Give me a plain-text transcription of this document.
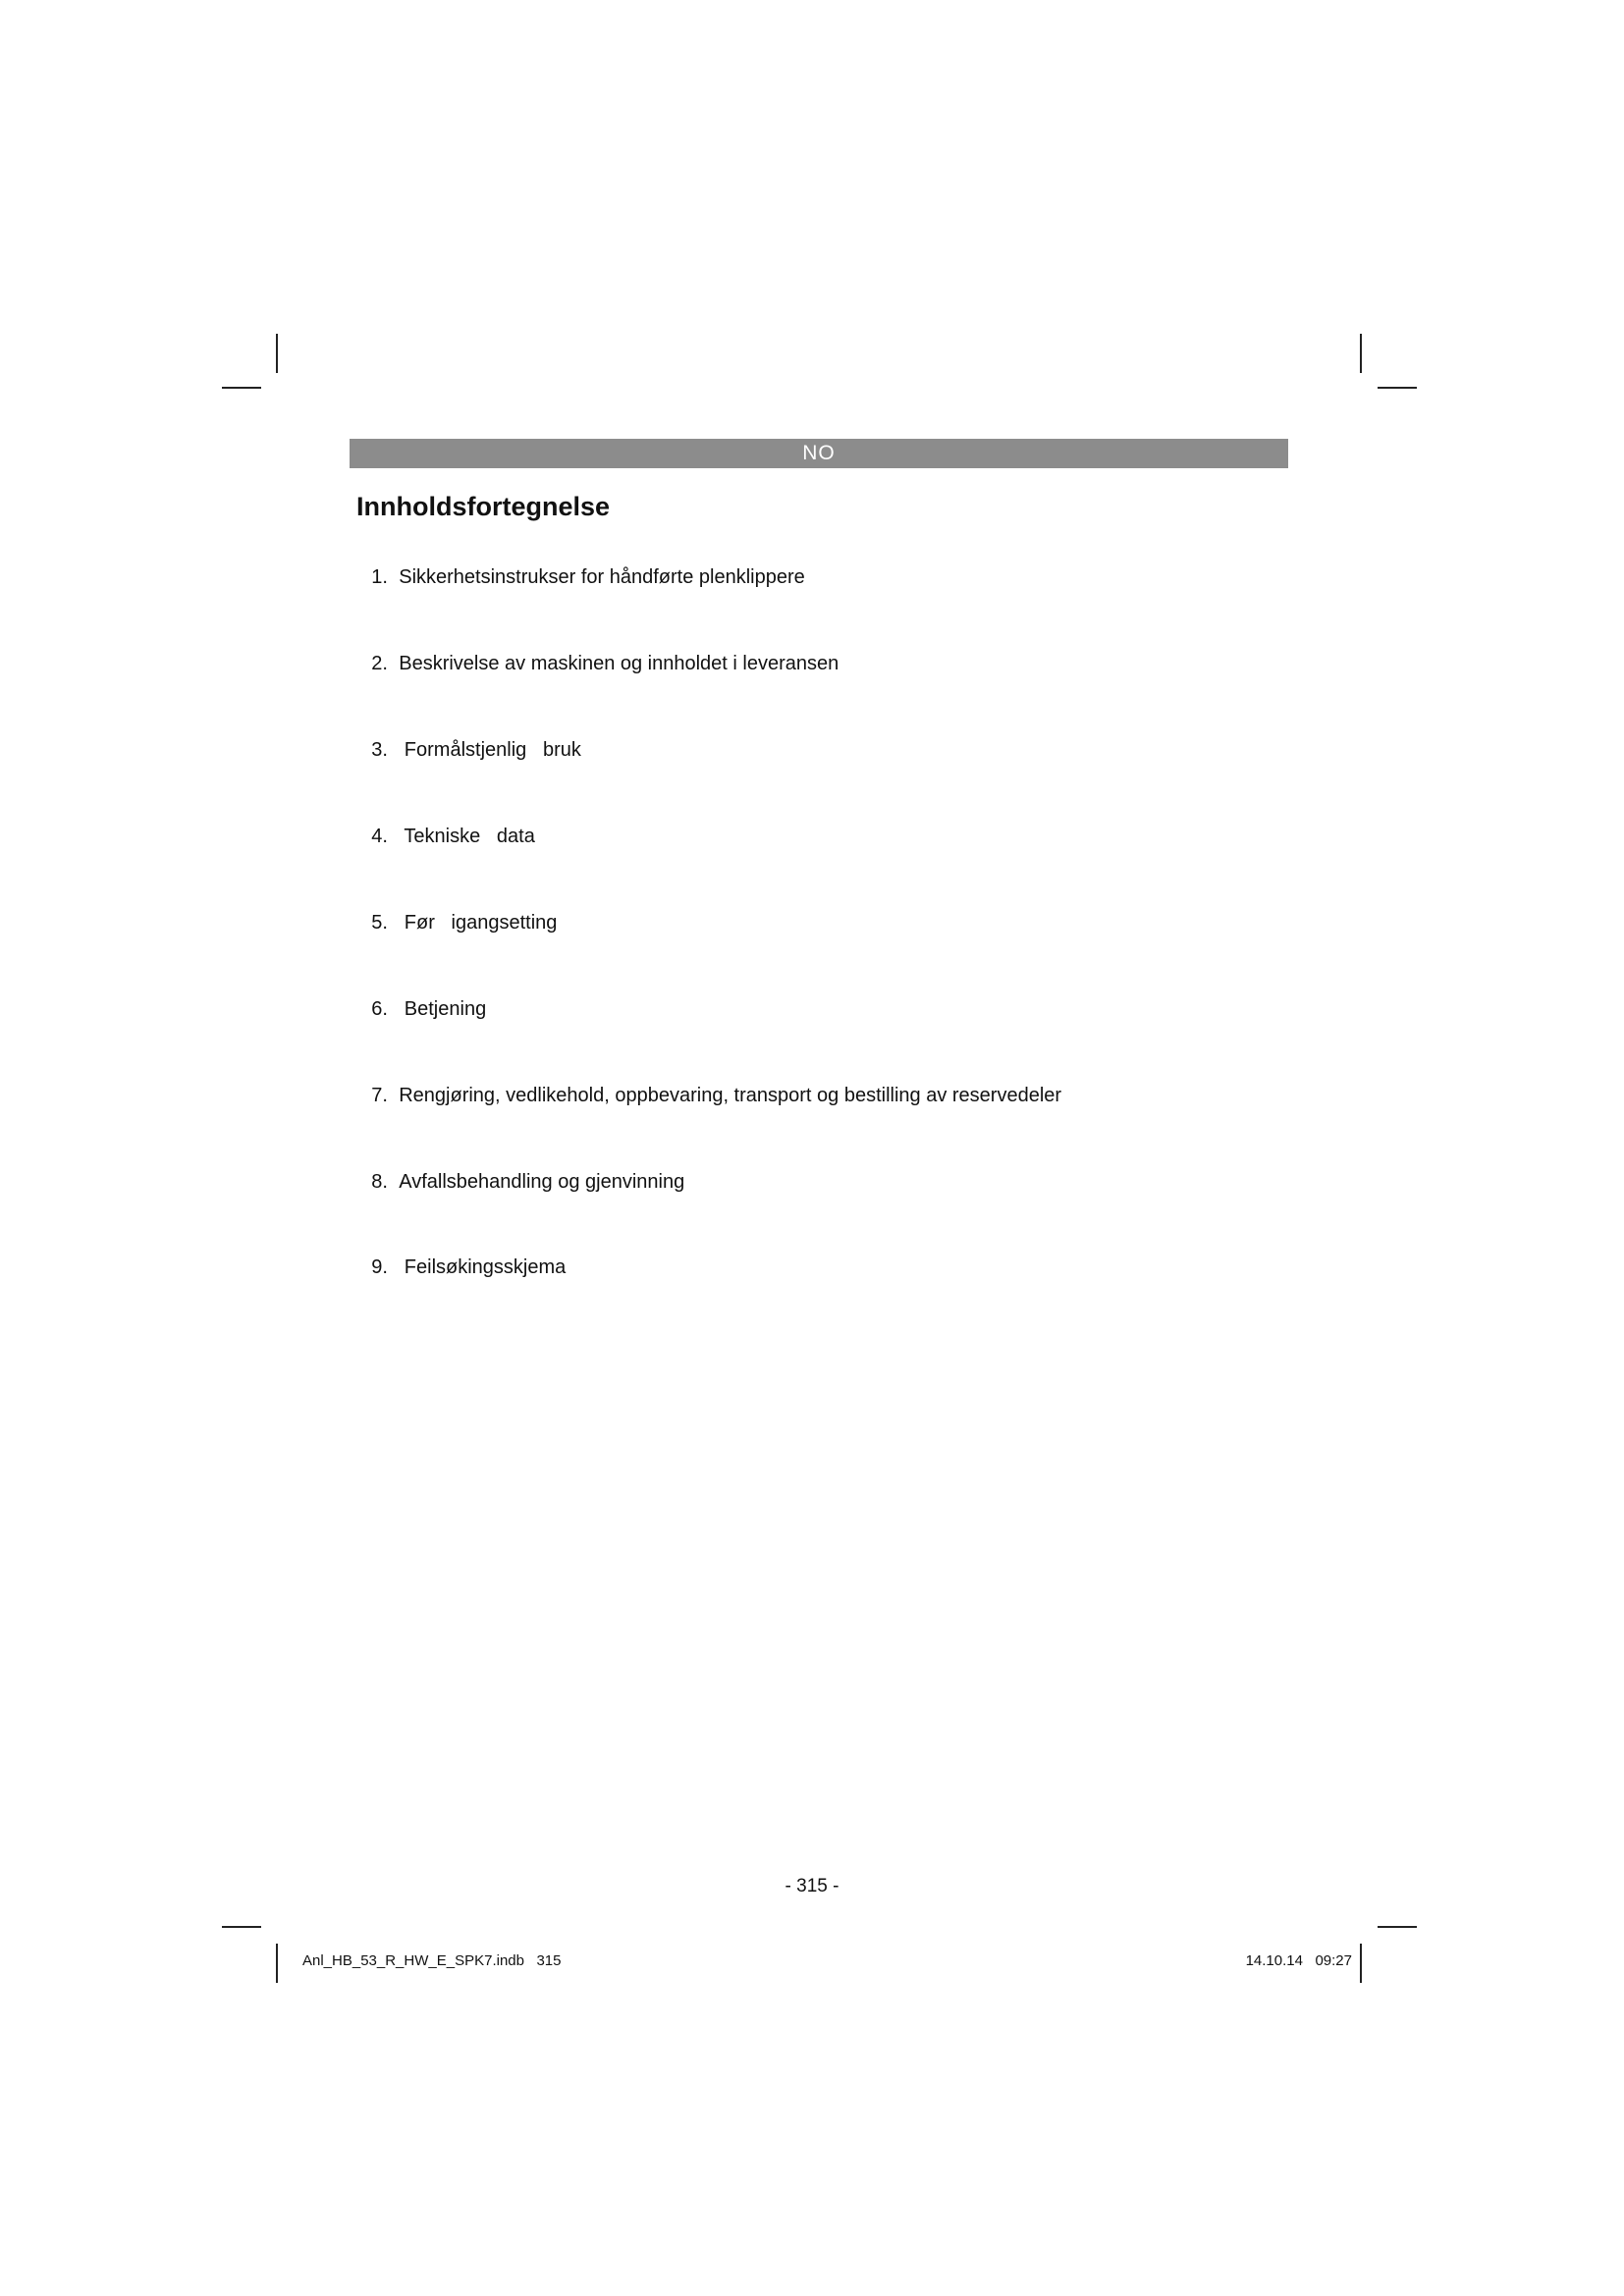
NO
Innholdsfortegnelse

1. Sikkerhetsinstrukser for håndførte plenklippere

2. Beskrivelse av maskinen og innholdet i leveransen

3. Formålstjenlig   bruk

4. Tekniske   data

5. Før   igangsetting

6. Betjening

7. Rengjøring, vedlikehold, oppbevaring, transport og bestilling av reservedeler

8. Avfallsbehandling og gjenvinning

9. Feilsøkingsskjema

- 315 -
Anl_HB_53_R_HW_E_SPK7.indb   315	14.10.14   09:27
